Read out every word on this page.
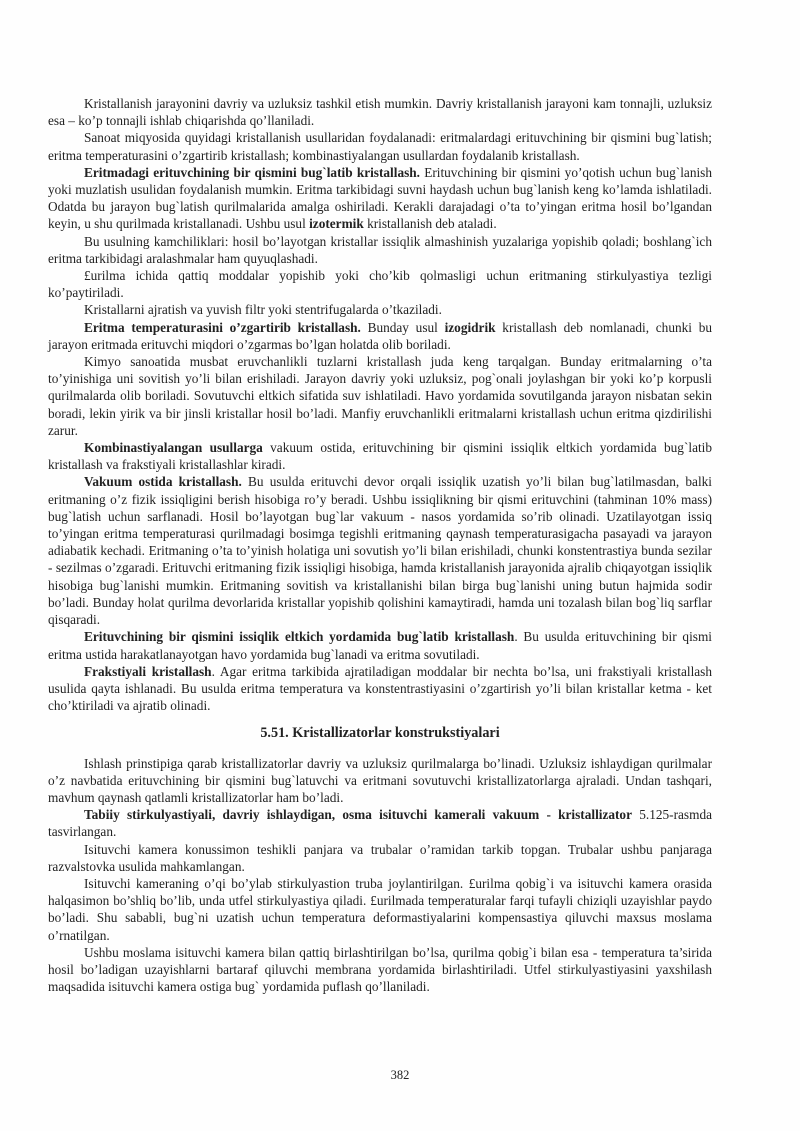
Kristallanish jarayonini davriy va uzluksiz tashkil etish mumkin. Davriy kristallanish jarayoni kam tonnajli, uzluksiz esa – ko’p tonnajli ishlab chiqarishda qo’llaniladi.

Sanoat miqyosida quyidagi kristallanish usullaridan foydalanadi: eritmalardagi erituvchining bir qismini bug`latish; eritma temperaturasini o’zgartirib kristallash; kombinastiyalangan usullardan foydalanib kristallash.

Eritmadagi erituvchining bir qismini bug`latib kristallash. Erituvchining bir qismini yo’qotish uchun bug`lanish yoki muzlatish usulidan foydalanish mumkin. Eritma tarkibidagi suvni haydash uchun bug`lanish keng ko’lamda ishlatiladi. Odatda bu jarayon bug`latish qurilmalarida amalga oshiriladi. Kerakli darajadagi o’ta to’yingan eritma hosil bo’lgandan keyin, u shu qurilmada kristallanadi. Ushbu usul izotermik kristallanish deb ataladi.

Bu usulning kamchiliklari: hosil bo’layotgan kristallar issiqlik almashinish yuzalariga yopishib qoladi; boshlang`ich eritma tarkibidagi aralashmalar ham quyuqlashadi.

£urilma ichida qattiq moddalar yopishib yoki cho’kib qolmasligi uchun eritmaning stirkulyastiya tezligi ko’paytiriladi.

Kristallarni ajratish va yuvish filtr yoki stentrifugalarda o’tkaziladi.

Eritma temperaturasini o’zgartirib kristallash. Bunday usul izogidrik kristallash deb nomlanadi, chunki bu jarayon eritmada erituvchi miqdori o’zgarmas bo’lgan holatda olib boriladi.

Kimyo sanoatida musbat eruvchanlikli tuzlarni kristallash juda keng tarqalgan. Bunday eritmalarning o’ta to’yinishiga uni sovitish yo’li bilan erishiladi. Jarayon davriy yoki uzluksiz, pog`onali joylashgan bir yoki ko’p korpusli qurilmalarda olib boriladi. Sovutuvchi eltkich sifatida suv ishlatiladi. Havo yordamida sovutilganda jarayon nisbatan sekin boradi, lekin yirik va bir jinsli kristallar hosil bo’ladi. Manfiy eruvchanlikli eritmalarni kristallash uchun eritma qizdirilishi zarur.

Kombinastiyalangan usullarga vakuum ostida, erituvchining bir qismini issiqlik eltkich yordamida bug`latib kristallash va frakstiyali kristallashlar kiradi.

Vakuum ostida kristallash. Bu usulda erituvchi devor orqali issiqlik uzatish yo’li bilan bug`latilmasdan, balki eritmaning o’z fizik issiqligini berish hisobiga ro’y beradi. Ushbu issiqlikning bir qismi erituvchini (tahminan 10% mass) bug`latish uchun sarflanadi. Hosil bo’layotgan bug`lar vakuum - nasos yordamida so’rib olinadi. Uzatilayotgan issiq to’yingan eritma temperaturasi qurilmadagi bosimga tegishli eritmaning qaynash temperaturasigacha pasayadi va jarayon adiabatik kechadi. Eritmaning o’ta to’yinish holatiga uni sovutish yo’li bilan erishiladi, chunki konstentrastiya bunda sezilar - sezilmas o’zgaradi. Erituvchi eritmaning fizik issiqligi hisobiga, hamda kristallanish jarayonida ajralib chiqayotgan issiqlik hisobiga bug`lanishi mumkin. Eritmaning sovitish va kristallanishi bilan birga bug`lanishi uning butun hajmida sodir bo’ladi. Bunday holat qurilma devorlarida kristallar yopishib qolishini kamaytiradi, hamda uni tozalash bilan bog`liq sarflar qisqaradi.

Erituvchining bir qismini issiqlik eltkich yordamida bug`latib kristallash. Bu usulda erituvchining bir qismi eritma ustida harakatlanayotgan havo yordamida bug`lanadi va eritma sovutiladi.

Frakstiyali kristallash. Agar eritma tarkibida ajratiladigan moddalar bir nechta bo’lsa, uni frakstiyali kristallash usulida qayta ishlanadi. Bu usulda eritma temperatura va konstentrastiyasini o’zgartirish yo’li bilan kristallar ketma - ket cho’ktiriladi va ajratib olinadi.

5.51. Kristallizatorlar konstrukstiyalari

Ishlash prinstipiga qarab kristallizatorlar davriy va uzluksiz qurilmalarga bo’linadi. Uzluksiz ishlaydigan qurilmalar o’z navbatida erituvchining bir qismini bug`latuvchi va eritmani sovutuvchi kristallizatorlarga ajraladi. Undan tashqari, mavhum qaynash qatlamli kristallizatorlar ham bo’ladi.

Tabiiy stirkulyastiyali, davriy ishlaydigan, osma isituvchi kamerali vakuum - kristallizator 5.125-rasmda tasvirlangan.

Isituvchi kamera konussimon teshikli panjara va trubalar o’ramidan tarkib topgan. Trubalar ushbu panjaraga razvalstovka usulida mahkamlangan.

Isituvchi kameraning o’qi bo’ylab stirkulyastion truba joylantirilgan. £urilma qobig`i va isituvchi kamera orasida halqasimon bo’shliq bo’lib, unda utfel stirkulyastiya qiladi. £urilmada temperaturalar farqi tufayli chiziqli uzayishlar paydo bo’ladi. Shu sababli, bug`ni uzatish uchun temperatura deformastiyalarini kompensastiya qiluvchi maxsus moslama o’rnatilgan.

Ushbu moslama isituvchi kamera bilan qattiq birlashtirilgan bo’lsa, qurilma qobig`i bilan esa - temperatura ta’sirida hosil bo’ladigan uzayishlarni bartaraf qiluvchi membrana yordamida birlashtiriladi. Utfel stirkulyastiyasini yaxshilash maqsadida isituvchi kamera ostiga bug` yordamida puflash qo’llaniladi.

382
